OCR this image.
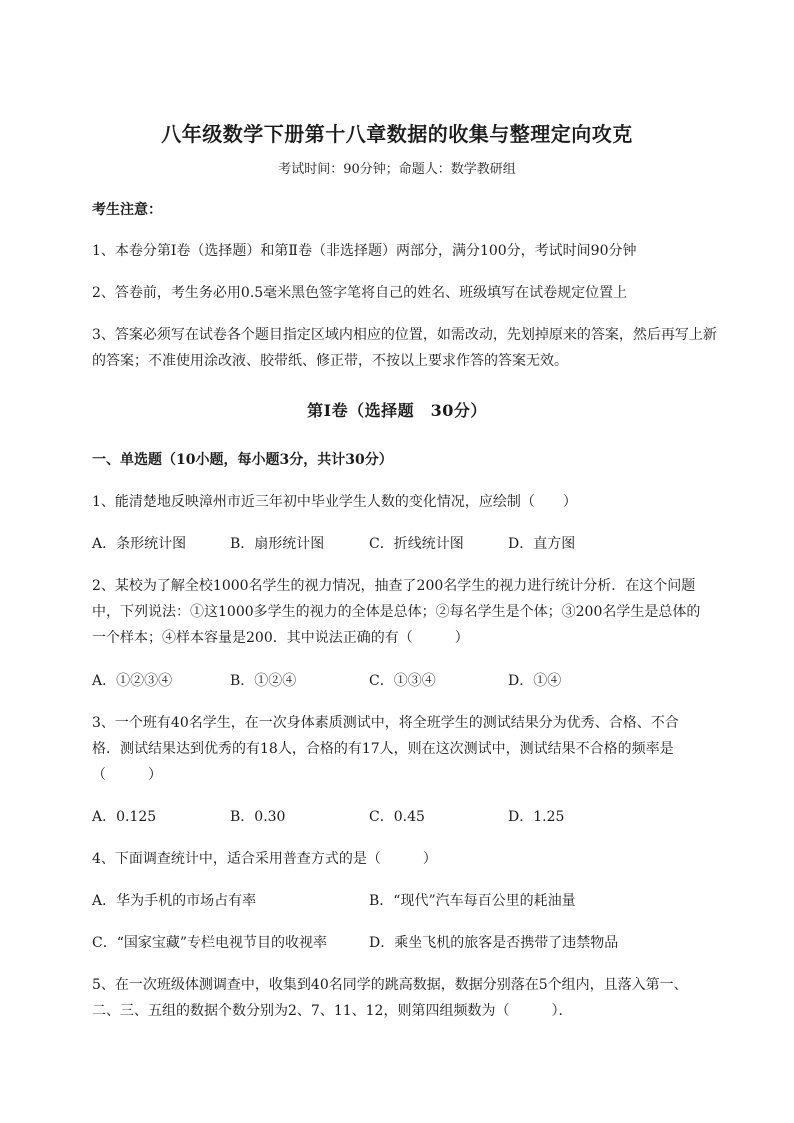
八年级数学下册第十八章数据的收集与整理定向攻克
考试时间：90分钟；命题人：数学教研组
考生注意：
1、本卷分第I卷（选择题）和第Ⅱ卷（非选择题）两部分，满分100分，考试时间90分钟
2、答卷前，考生务必用0.5毫米黑色签字笔将自己的姓名、班级填写在试卷规定位置上
3、答案必须写在试卷各个题目指定区域内相应的位置，如需改动，先划掉原来的答案，然后再写上新
的答案；不准使用涂改液、胶带纸、修正带，不按以上要求作答的答案无效。
第I卷（选择题　30分）
一、单选题（10小题，每小题3分，共计30分）
1、能清楚地反映漳州市近三年初中毕业学生人数的变化情况，应绘制（　　）
A．条形统计图	B．扇形统计图	C．折线统计图	D．直方图
2、某校为了解全校1000名学生的视力情况，抽查了200名学生的视力进行统计分析．在这个问题
中，下列说法：①这1000多学生的视力的全体是总体；②每名学生是个体；③200名学生是总体的
一个样本；④样本容量是200．其中说法正确的有（　　　）
A．①②③④	B．①②④	C．①③④	D．①④
3、一个班有40名学生，在一次身体素质测试中，将全班学生的测试结果分为优秀、合格、不合
格．测试结果达到优秀的有18人，合格的有17人，则在这次测试中，测试结果不合格的频率是
（　　　）
A．0.125	B．0.30	C．0.45	D．1.25
4、下面调查统计中，适合采用普查方式的是（　　　）
A．华为手机的市场占有率	B．“现代”汽车每百公里的耗油量
C．“国家宝藏”专栏电视节目的收视率	D．乘坐飞机的旅客是否携带了违禁物品
5、在一次班级体测调查中，收集到40名同学的跳高数据，数据分别落在5个组内，且落入第一、
二、三、五组的数据个数分别为2、7、11、12，则第四组频数为（　　　）．
